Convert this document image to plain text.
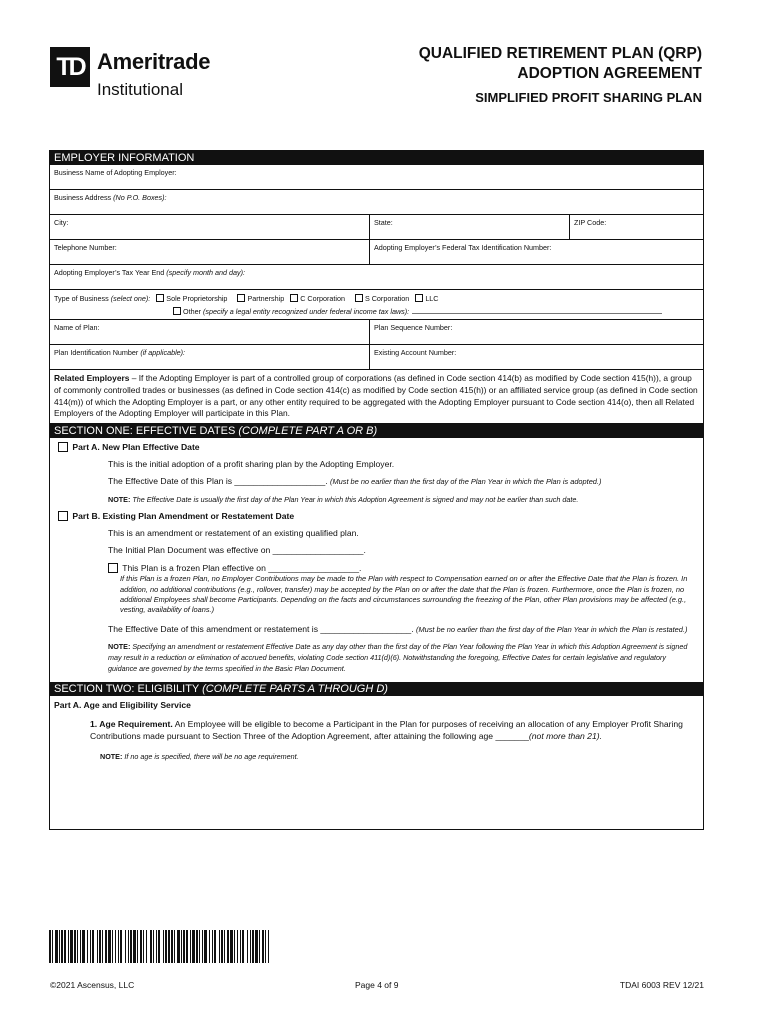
TD Ameritrade
Institutional
QUALIFIED RETIREMENT PLAN (QRP)
ADOPTION AGREEMENT
SIMPLIFIED PROFIT SHARING PLAN
EMPLOYER INFORMATION
Business Name of Adopting Employer:
Business Address (No P.O. Boxes):
City:	State:	ZIP Code:
Telephone Number:	Adopting Employer’s Federal Tax Identification Number:
Adopting Employer’s Tax Year End (specify month and day):
Type of Business (select one): Sole Proprietorship	Partnership C Corporation	S Corporation LLC
Other (specify a legal entity recognized under federal income tax laws):
Name of Plan:	Plan Sequence Number:
Plan Identification Number (if applicable):	Existing Account Number:
Related Employers – If the Adopting Employer is part of a controlled group of corporations (as defined in Code section 414(b) as modified by Code section 415(h)), a group of commonly controlled trades or businesses (as defined in Code section 414(c) as modified by Code section 415(h)) or an affiliated service group (as defined in Code section 414(m)) of which the Adopting Employer is a part, or any other entity required to be aggregated with the Adopting Employer pursuant to Code section 414(o), then all Related Employers of the Adopting Employer will participate in this Plan.
SECTION ONE: EFFECTIVE DATES (COMPLETE PART A OR B)
Part A. New Plan Effective Date
This is the initial adoption of a profit sharing plan by the Adopting Employer.
The Effective Date of this Plan is ___________________. (Must be no earlier than the first day of the Plan Year in which the Plan is adopted.)
NOTE: The Effective Date is usually the first day of the Plan Year in which this Adoption Agreement is signed and may not be earlier than such date.
Part B. Existing Plan Amendment or Restatement Date
This is an amendment or restatement of an existing qualified plan.
The Initial Plan Document was effective on ___________________.
This Plan is a frozen Plan effective on ___________________.
If this Plan is a frozen Plan, no Employer Contributions may be made to the Plan with respect to Compensation earned on or after the Effective Date that the Plan is frozen. In addition, no additional contributions (e.g., rollover, transfer) may be accepted by the Plan on or after the date that the Plan is frozen. Furthermore, once the Plan is frozen, no additional Employees shall become Participants. Depending on the facts and circumstances surrounding the freezing of the Plan, other Plan provisions may be affected (e.g., vesting, availability of loans.)
The Effective Date of this amendment or restatement is ___________________. (Must be no earlier than the first day of the Plan Year in which the Plan is restated.)
NOTE: Specifying an amendment or restatement Effective Date as any day other than the first day of the Plan Year following the Plan Year in which this Adoption Agreement is signed may result in a reduction or elimination of accrued benefits, violating Code section 411(d)(6). Notwithstanding the foregoing, Effective Dates for certain legislative and regulatory guidance are governed by the terms specified in the Basic Plan Document.
SECTION TWO: ELIGIBILITY (COMPLETE PARTS A THROUGH D)
Part A. Age and Eligibility Service
1. Age Requirement. An Employee will be eligible to become a Participant in the Plan for purposes of receiving an allocation of any Employer Profit Sharing Contributions made pursuant to Section Three of the Adoption Agreement, after attaining the following age _______(not more than 21).
NOTE: If no age is specified, there will be no age requirement.
©2021 Ascensus, LLC	Page 4 of 9	TDAI 6003 REV 12/21
